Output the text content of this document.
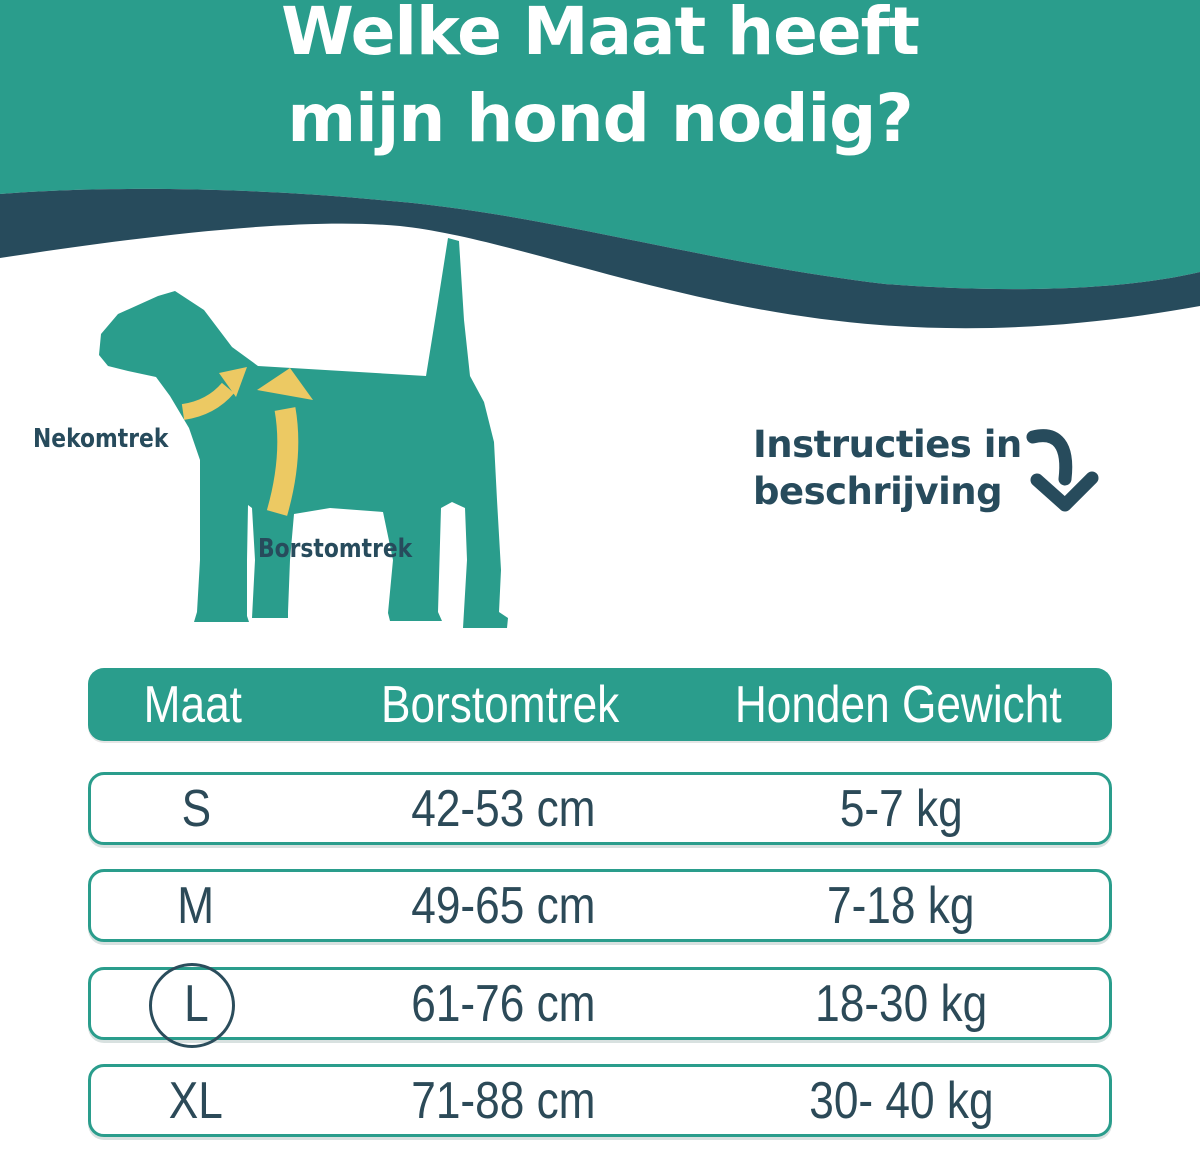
Welke Maat heeft
mijn hond nodig?
Nekomtrek
Borstomtrek
Instructies in
beschrijving
Maat	Borstomtrek	Honden Gewicht
S	42-53 cm	5-7 kg
M	49-65 cm	7-18 kg
L	61-76 cm	18-30 kg
XL	71-88 cm	30- 40 kg
